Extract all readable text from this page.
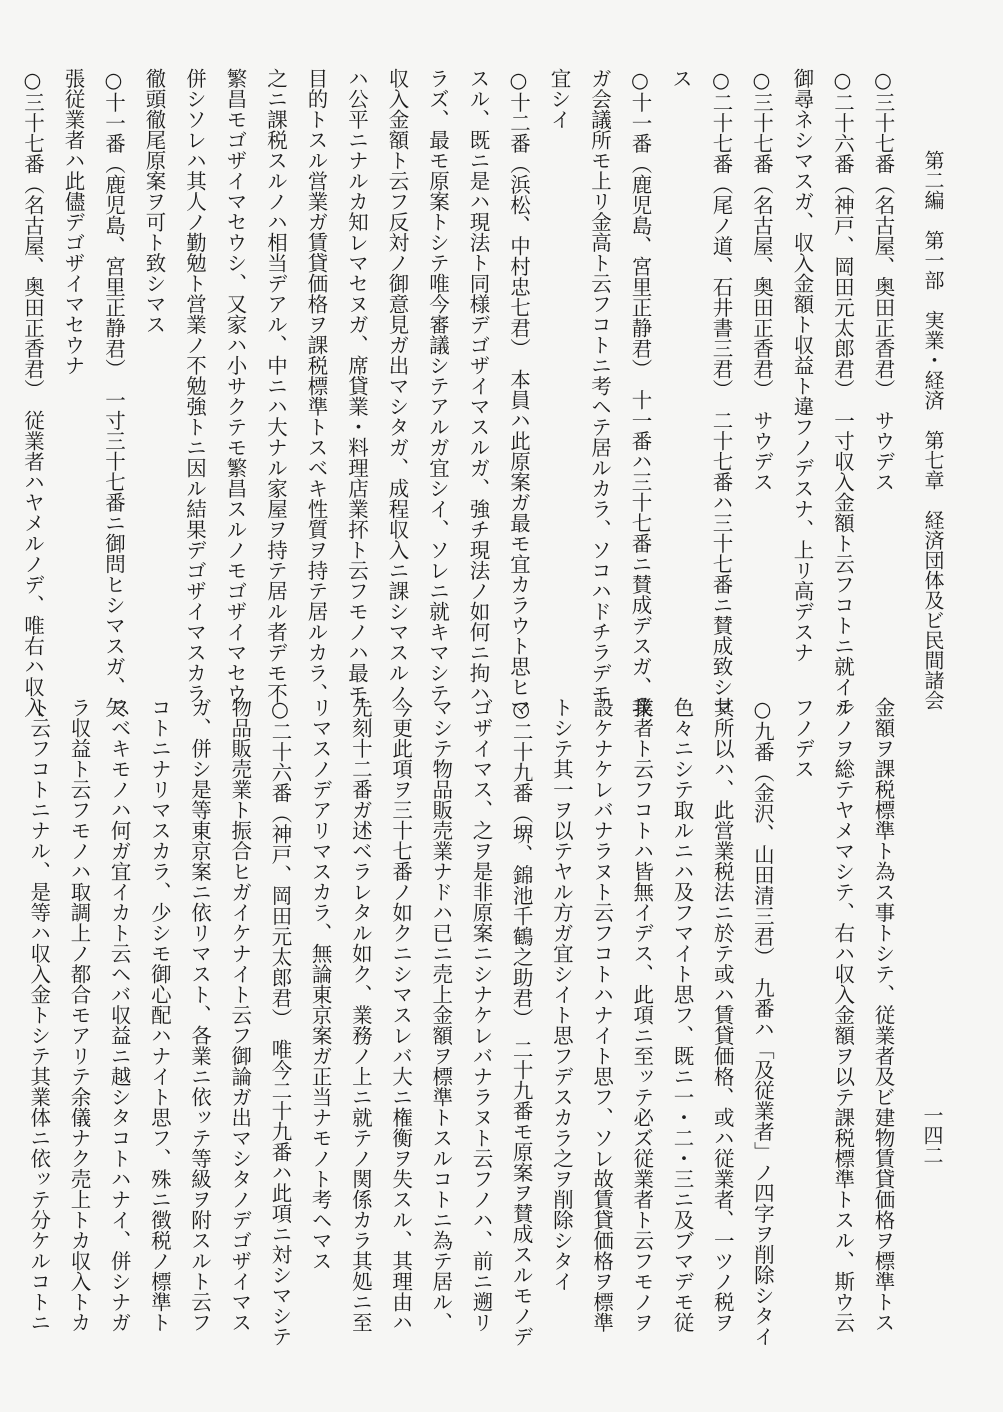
第二編第一部実業・経済第七章経済団体及ビ民間諸会
一四二
○三十七番（名古屋、奥田正香君）　サウデス
○二十六番（神戸、岡田元太郎君）　一寸収入金額ト云フコトニ就イテ
御尋ネシマスガ、収入金額ト収益ト違フノデスナ、上リ高デスナ
○三十七番（名古屋、奥田正香君）　サウデス
○二十七番（尾ノ道、石井書三君）　二十七番ハ三十七番ニ賛成致シマ
ス
○十一番（鹿児島、宮里正静君）　十一番ハ三十七番ニ賛成デスガ、我
ガ会議所モ上リ金高ト云フコトニ考ヘテ居ルカラ、ソコハドチラデモ
宜シイ
○十二番（浜松、中村忠七君）　本員ハ此原案ガ最モ宜カラウト思ヒマ
スル、既ニ是ハ現法ト同様デゴザイマスルガ、強チ現法ノ如何ニ拘ハ
ラズ、最モ原案トシテ唯今審議シテアルガ宜シイ、ソレニ就キマシテ
収入金額ト云フ反対ノ御意見ガ出マシタガ、成程収入ニ課シマスルノ
ハ公平ニナルカ知レマセヌガ、席貸業・料理店業抔ト云フモノハ最モ
目的トスル営業ガ賃貸価格ヲ課税標準トスベキ性質ヲ持テ居ルカラ、
之ニ課税スルノハ相当デアル、中ニハ大ナル家屋ヲ持テ居ル者デモ不
繁昌モゴザイマセウシ、又家ハ小サクテモ繁昌スルノモゴザイマセウ
併シソレハ其人ノ勤勉ト営業ノ不勉強トニ因ル結果デゴザイマスカラ
徹頭徹尾原案ヲ可ト致シマス
○十一番（鹿児島、宮里正静君）　一寸三十七番ニ御問ヒシマスガ、矢
張従業者ハ此儘デゴザイマセウナ
○三十七番（名古屋、奥田正香君）　従業者ハヤメルノデ、唯右ハ収入
金額ヲ課税標準ト為ス事トシテ、従業者及ビ建物賃貸価格ヲ標準トス
ルノヲ総テヤメマシテ、右ハ収入金額ヲ以テ課税標準トスル、斯ウ云
フノデス
○九番（金沢、山田清三君）　九番ハ「及従業者」ノ四字ヲ削除シタイ
其所以ハ、此営業税法ニ於テ或ハ賃貸価格、或ハ従業者、一ツノ税ヲ
色々ニシテ取ルニハ及フマイト思フ、既ニ一・二・三ニ及ブマデモ従
業者ト云フコトハ皆無イデス、此項ニ至ッテ必ズ従業者ト云フモノヲ
設ケナケレバナラヌト云フコトハナイト思フ、ソレ故賃貸価格ヲ標準
トシテ其一ヲ以テヤル方ガ宜シイト思フデスカラ之ヲ削除シタイ
○二十九番（堺、錦池千鶴之助君）　二十九番モ原案ヲ賛成スルモノデ
ゴザイマス、之ヲ是非原案ニシナケレバナラヌト云フノハ、前ニ遡リ
マシテ物品販売業ナドハ已ニ売上金額ヲ標準トスルコトニ為テ居ル、
今更此項ヲ三十七番ノ如クニシマスレバ大ニ権衡ヲ失スル、其理由ハ
先刻十二番ガ述ベラレタル如ク、業務ノ上ニ就テノ関係カラ其処ニ至
リマスノデアリマスカラ、無論東京案ガ正当ナモノト考ヘマス
○二十六番（神戸、岡田元太郎君）　唯今二十九番ハ此項ニ対シマシテ
物品販売業ト振合ヒガイケナイト云フ御論ガ出マシタノデゴザイマス
ガ、併シ是等東京案ニ依リマスト、各業ニ依ッテ等級ヲ附スルト云フ
コトニナリマスカラ、少シモ御心配ハナイト思フ、殊ニ徴税ノ標準ト
スベキモノハ何ガ宜イカト云ヘバ収益ニ越シタコトハナイ、併シナガ
ラ収益ト云フモノハ取調上ノ都合モアリテ余儀ナク売上トカ収入トカ
ト云フコトニナル、是等ハ収入金トシテ其業体ニ依ッテ分ケルコトニ
